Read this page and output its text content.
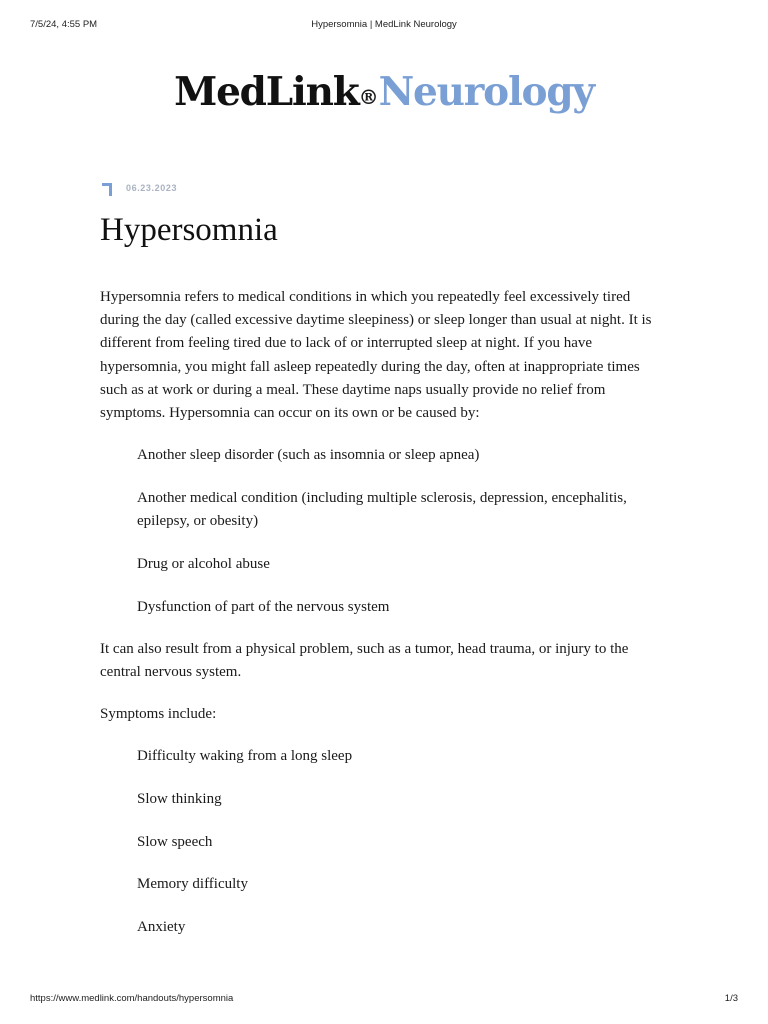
7/5/24, 4:55 PM	Hypersomnia | MedLink Neurology
MedLink®Neurology
06.23.2023
Hypersomnia

Hypersomnia refers to medical conditions in which you repeatedly feel excessively tired during the day (called excessive daytime sleepiness) or sleep longer than usual at night. It is different from feeling tired due to lack of or interrupted sleep at night. If you have hypersomnia, you might fall asleep repeatedly during the day, often at inappropriate times such as at work or during a meal. These daytime naps usually provide no relief from symptoms. Hypersomnia can occur on its own or be caused by:

Another sleep disorder (such as insomnia or sleep apnea)
Another medical condition (including multiple sclerosis, depression, encephalitis, epilepsy, or obesity)
Drug or alcohol abuse
Dysfunction of part of the nervous system

It can also result from a physical problem, such as a tumor, head trauma, or injury to the central nervous system.

Symptoms include:

Difficulty waking from a long sleep
Slow thinking
Slow speech
Memory difficulty
Anxiety
https://www.medlink.com/handouts/hypersomnia	1/3
